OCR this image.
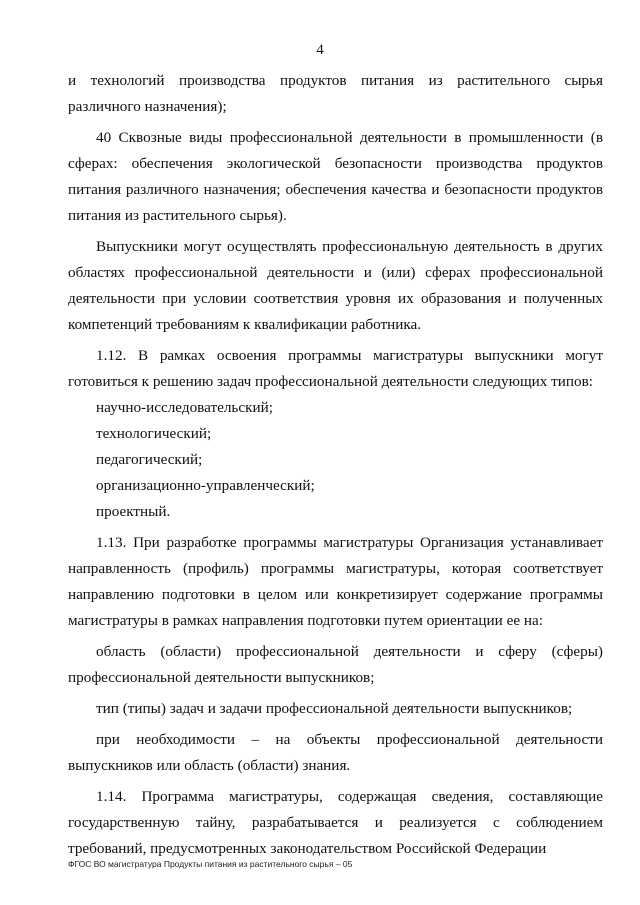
4

и технологий производства продуктов питания из растительного сырья различного назначения);

40 Сквозные виды профессиональной деятельности в промышленности (в сферах: обеспечения экологической безопасности производства продуктов питания различного назначения; обеспечения качества и безопасности продуктов питания из растительного сырья).

Выпускники могут осуществлять профессиональную деятельность в других областях профессиональной деятельности и (или) сферах профессиональной деятельности при условии соответствия уровня их образования и полученных компетенций требованиям к квалификации работника.

1.12. В рамках освоения программы магистратуры выпускники могут готовиться к решению задач профессиональной деятельности следующих типов:

научно-исследовательский;

технологический;

педагогический;

организационно-управленческий;

проектный.

1.13. При разработке программы магистратуры Организация устанавливает направленность (профиль) программы магистратуры, которая соответствует направлению подготовки в целом или конкретизирует содержание программы магистратуры в рамках направления подготовки путем ориентации ее на:

область (области) профессиональной деятельности и сферу (сферы) профессиональной деятельности выпускников;

тип (типы) задач и задачи профессиональной деятельности выпускников;

при необходимости – на объекты профессиональной деятельности выпускников или область (области) знания.

1.14. Программа магистратуры, содержащая сведения, составляющие государственную тайну, разрабатывается и реализуется с соблюдением требований, предусмотренных законодательством Российской Федерации

ФГОС ВО магистратура Продукты питания из растительного сырья – 05
